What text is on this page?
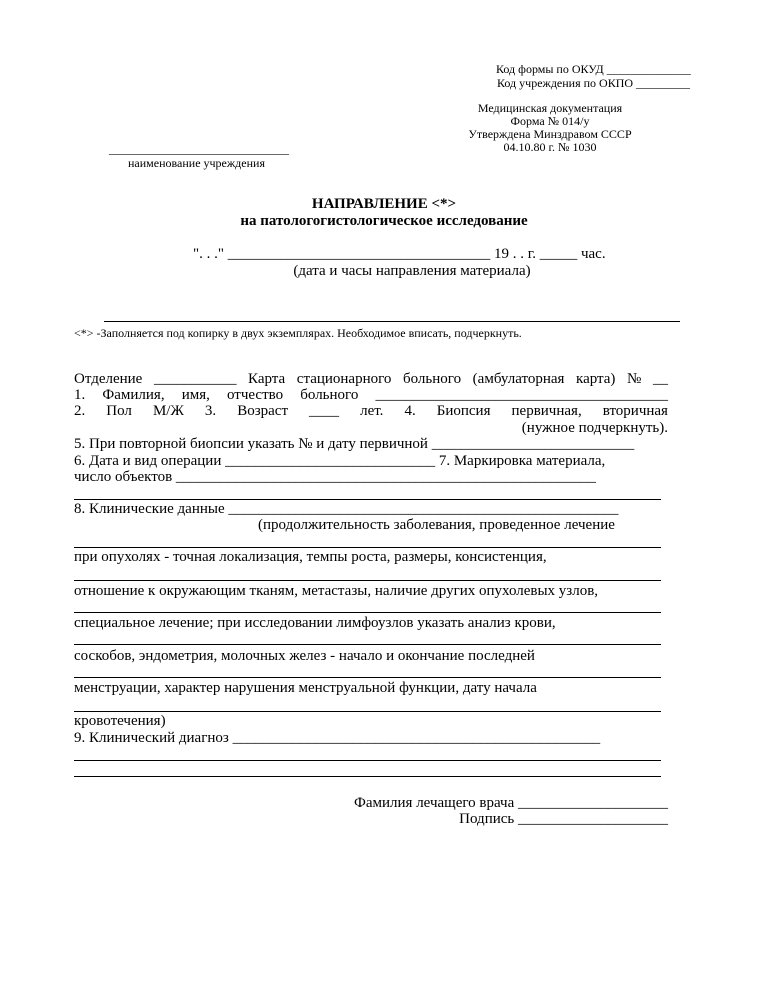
Код формы по ОКУД ______________
Код учреждения по ОКПО _________
Медицинская документация
Форма № 014/у
Утверждена Минздравом СССР
04.10.80 г. № 1030
______________________________
наименование учреждения
НАПРАВЛЕНИЕ <*>
на патологогистологическое исследование
". . ." ___________________________________ 19 . . г. _____ час.
(дата и часы направления материала)
<*> -Заполняется под копирку в двух экземплярах. Необходимое вписать, подчеркнуть.
Отделение ___________ Карта стационарного больного (амбулаторная карта) № __
1. Фамилия, имя, отчество больного _______________________________________
2. Пол М/Ж 3. Возраст ____ лет. 4. Биопсия первичная, вторичная
(нужное подчеркнуть).
5. При повторной биопсии указать № и дату первичной ___________________________
6. Дата и вид операции ____________________________ 7. Маркировка материала,
число объектов ________________________________________________________
8. Клинические данные ____________________________________________________
(продолжительность заболевания, проведенное лечение
при опухолях - точная локализация, темпы роста, размеры, консистенция,
отношение к окружающим тканям, метастазы, наличие других опухолевых узлов,
специальное лечение; при исследовании лимфоузлов указать анализ крови,
соскобов, эндометрия, молочных желез - начало и окончание последней
менструации, характер нарушения менструальной функции, дату начала
кровотечения)
9. Клинический диагноз _________________________________________________
Фамилия лечащего врача ____________________
Подпись ____________________
